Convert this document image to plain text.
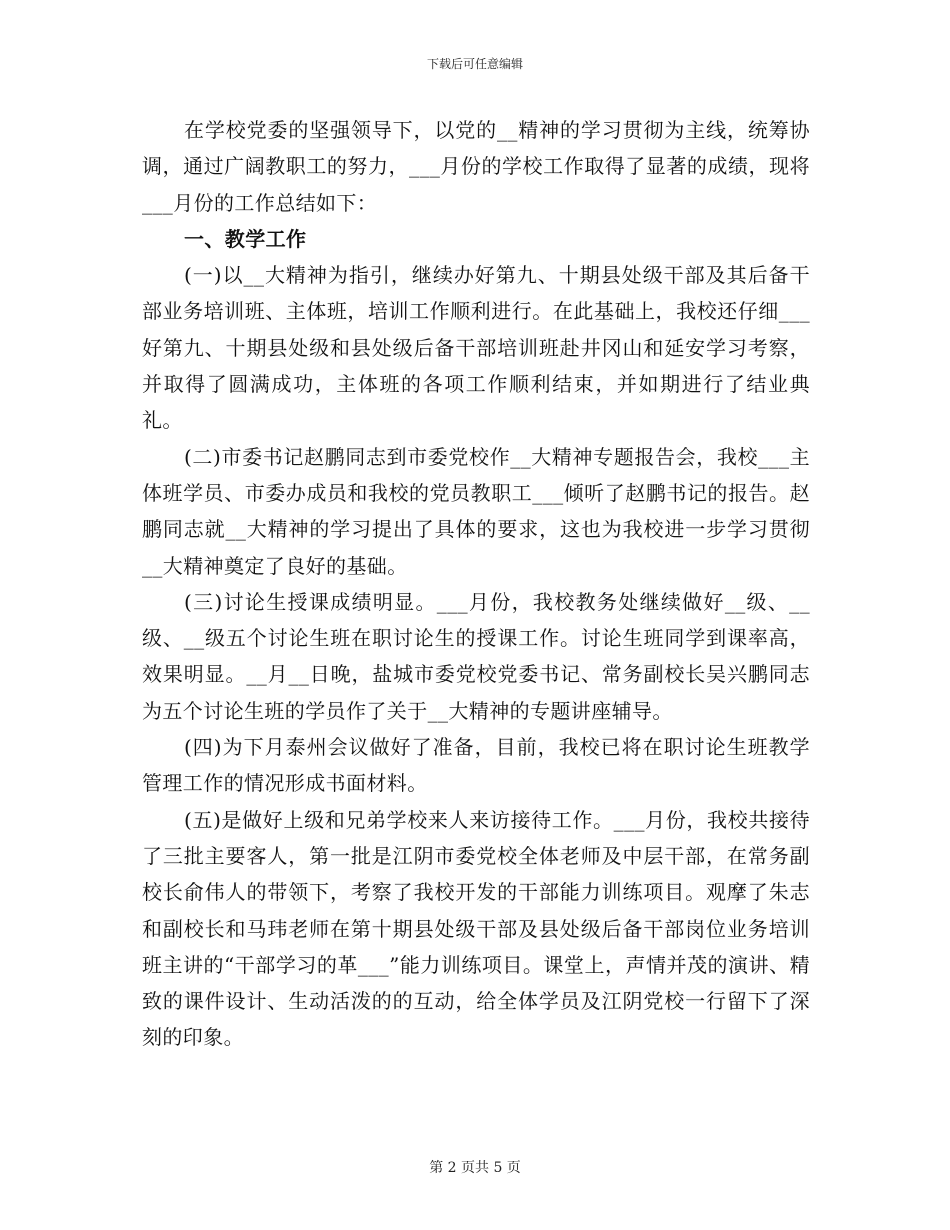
下载后可任意编辑

在学校党委的坚强领导下，以党的__精神的学习贯彻为主线，统筹协调，通过广阔教职工的努力，___月份的学校工作取得了显著的成绩，现将___月份的工作总结如下：

一、教学工作

(一)以__大精神为指引，继续办好第九、十期县处级干部及其后备干部业务培训班、主体班，培训工作顺利进行。在此基础上，我校还仔细___好第九、十期县处级和县处级后备干部培训班赴井冈山和延安学习考察，并取得了圆满成功，主体班的各项工作顺利结束，并如期进行了结业典礼。

(二)市委书记赵鹏同志到市委党校作__大精神专题报告会，我校___主体班学员、市委办成员和我校的党员教职工___倾听了赵鹏书记的报告。赵鹏同志就__大精神的学习提出了具体的要求，这也为我校进一步学习贯彻__大精神奠定了良好的基础。

(三)讨论生授课成绩明显。___月份，我校教务处继续做好__级、__级、__级五个讨论生班在职讨论生的授课工作。讨论生班同学到课率高，效果明显。__月__日晚，盐城市委党校党委书记、常务副校长吴兴鹏同志为五个讨论生班的学员作了关于__大精神的专题讲座辅导。

(四)为下月泰州会议做好了准备，目前，我校已将在职讨论生班教学管理工作的情况形成书面材料。

(五)是做好上级和兄弟学校来人来访接待工作。___月份，我校共接待了三批主要客人，第一批是江阴市委党校全体老师及中层干部，在常务副校长俞伟人的带领下，考察了我校开发的干部能力训练项目。观摩了朱志和副校长和马玮老师在第十期县处级干部及县处级后备干部岗位业务培训班主讲的“干部学习的革___”能力训练项目。课堂上，声情并茂的演讲、精致的课件设计、生动活泼的的互动，给全体学员及江阴党校一行留下了深刻的印象。

第 2 页共 5 页
